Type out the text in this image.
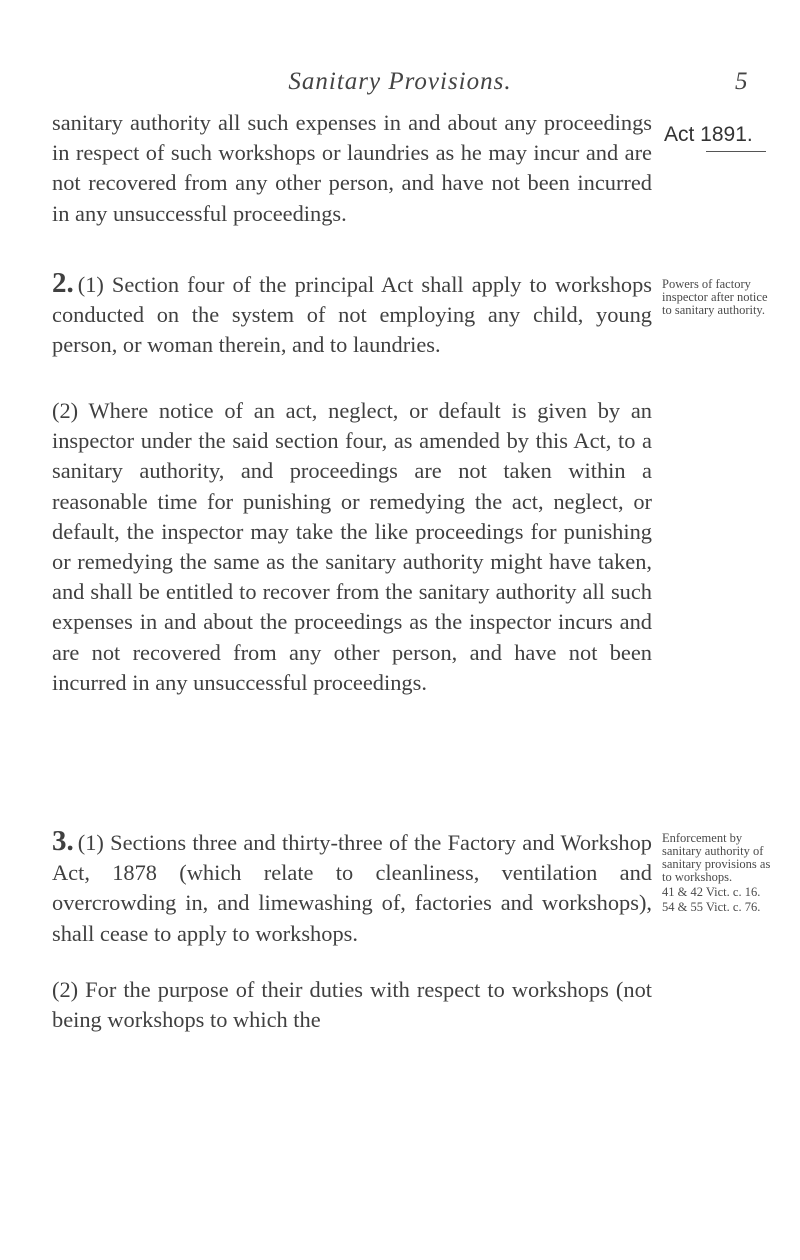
Sanitary Provisions.	5
Act 1891.

sanitary authority all such expenses in and about any proceedings in respect of such workshops or laundries as he may incur and are not recovered from any other person, and have not been incurred in any unsuccessful proceedings.

2. (1) Section four of the principal Act shall apply to workshops conducted on the system of not employing any child, young person, or woman therein, and to laundries.

(2) Where notice of an act, neglect, or default is given by an inspector under the said section four, as amended by this Act, to a sanitary authority, and proceedings are not taken within a reasonable time for punishing or remedying the act, neglect, or default, the inspector may take the like proceedings for punishing or remedying the same as the sanitary authority might have taken, and shall be entitled to recover from the sanitary authority all such expenses in and about the proceedings as the inspector incurs and are not recovered from any other person, and have not been incurred in any unsuccessful proceedings.

3. (1) Sections three and thirty-three of the Factory and Workshop Act, 1878 (which relate to cleanliness, ventilation and overcrowding in, and limewashing of, factories and workshops), shall cease to apply to workshops.

(2) For the purpose of their duties with respect to workshops (not being workshops to which the

Powers of factory inspector after notice to sanitary authority.

Enforcement by sanitary authority of sanitary provisions as to workshops.

41 & 42 Vict. c. 16.

54 & 55 Vict. c. 76.
